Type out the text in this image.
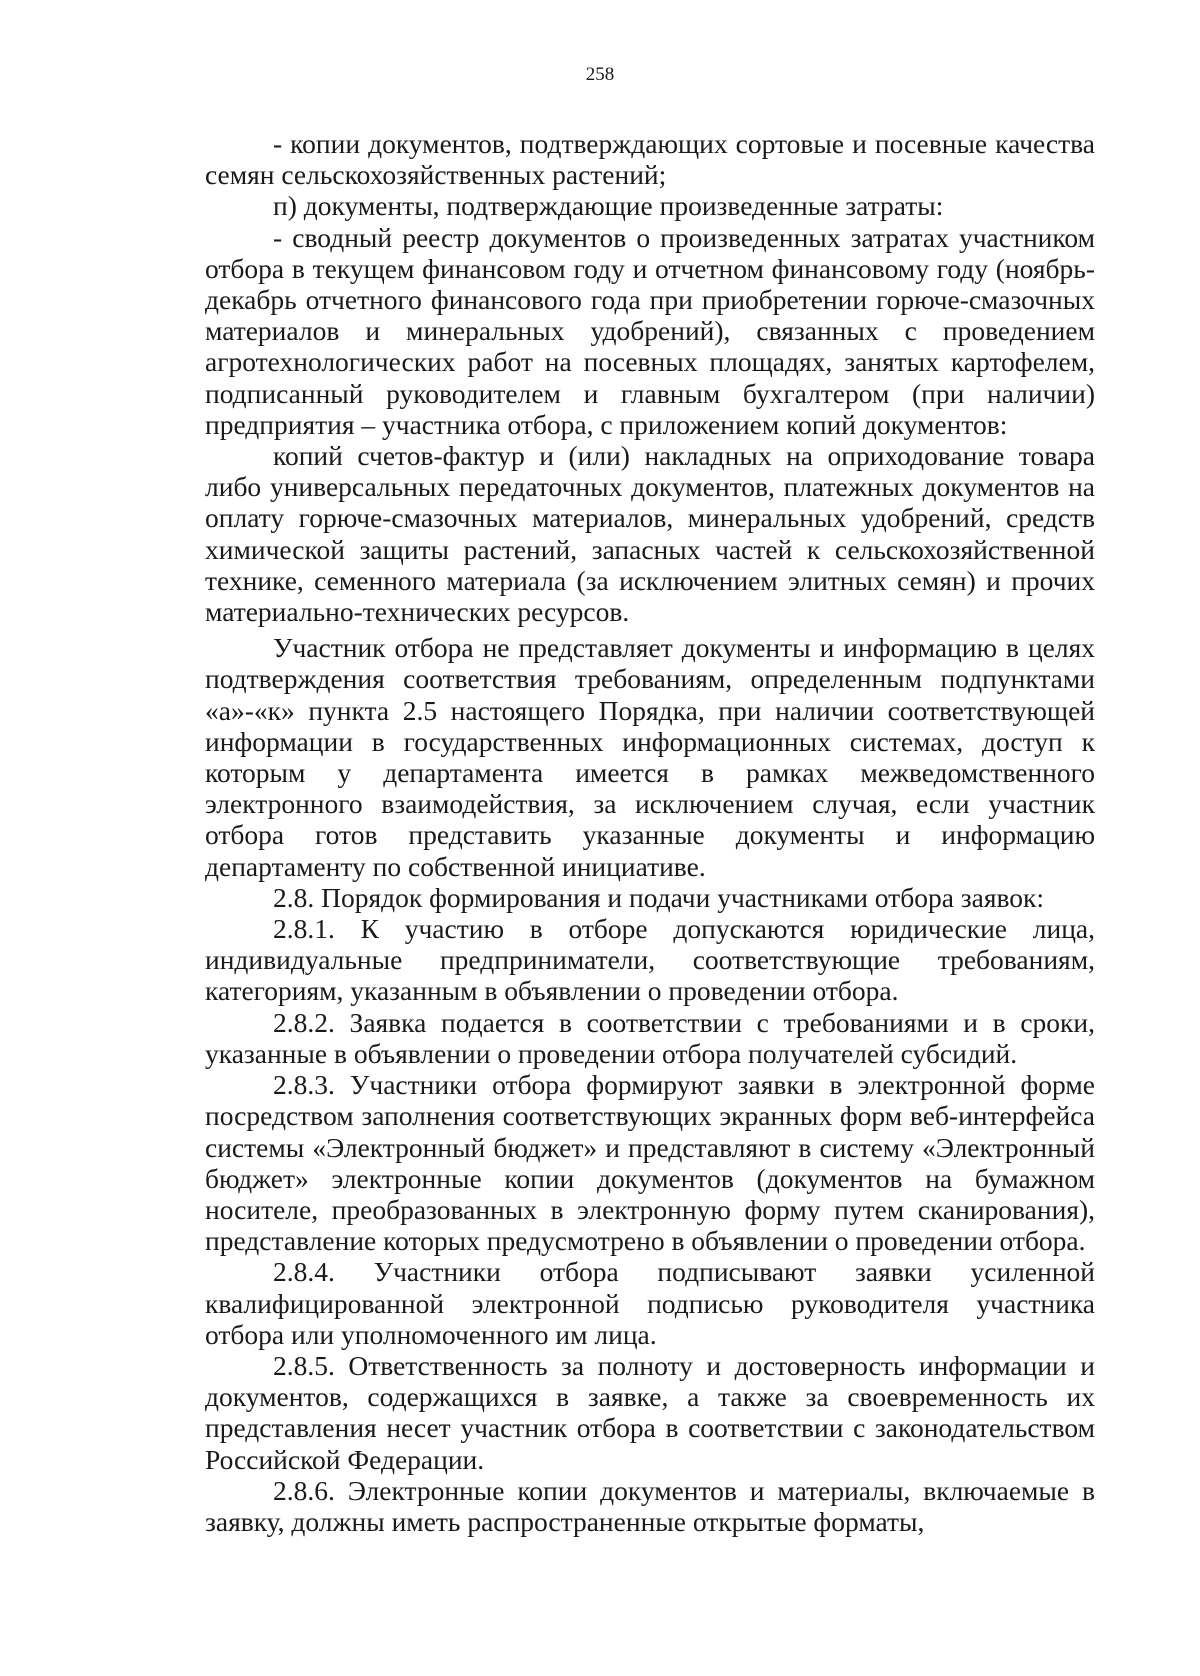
258

- копии документов, подтверждающих сортовые и посевные качества семян сельскохозяйственных растений;

п) документы, подтверждающие произведенные затраты:

- сводный реестр документов о произведенных затратах участником отбора в текущем финансовом году и отчетном финансовому году (ноябрь-декабрь отчетного финансового года при приобретении горюче-смазочных материалов и минеральных удобрений), связанных с проведением агротехнологических работ на посевных площадях, занятых картофелем, подписанный руководителем и главным бухгалтером (при наличии) предприятия – участника отбора, с приложением копий документов:

копий счетов-фактур и (или) накладных на оприходование товара либо универсальных передаточных документов, платежных документов на оплату горюче-смазочных материалов, минеральных удобрений, средств химической защиты растений, запасных частей к сельскохозяйственной технике, семенного материала (за исключением элитных семян) и прочих материально-технических ресурсов.

Участник отбора не представляет документы и информацию в целях подтверждения соответствия требованиям, определенным подпунктами «а»-«к» пункта 2.5 настоящего Порядка, при наличии соответствующей информации в государственных информационных системах, доступ к которым у департамента имеется в рамках межведомственного электронного взаимодействия, за исключением случая, если участник отбора готов представить указанные документы и информацию департаменту по собственной инициативе.

2.8. Порядок формирования и подачи участниками отбора заявок:

2.8.1. К участию в отборе допускаются юридические лица, индивидуальные предприниматели, соответствующие требованиям, категориям, указанным в объявлении о проведении отбора.

2.8.2. Заявка подается в соответствии с требованиями и в сроки, указанные в объявлении о проведении отбора получателей субсидий.

2.8.3. Участники отбора формируют заявки в электронной форме посредством заполнения соответствующих экранных форм веб-интерфейса системы «Электронный бюджет» и представляют в систему «Электронный бюджет» электронные копии документов (документов на бумажном носителе, преобразованных в электронную форму путем сканирования), представление которых предусмотрено в объявлении о проведении отбора.

2.8.4. Участники отбора подписывают заявки усиленной квалифицированной электронной подписью руководителя участника отбора или уполномоченного им лица.

2.8.5. Ответственность за полноту и достоверность информации и документов, содержащихся в заявке, а также за своевременность их представления несет участник отбора в соответствии с законодательством Российской Федерации.

2.8.6. Электронные копии документов и материалы, включаемые в заявку, должны иметь распространенные открытые форматы,
